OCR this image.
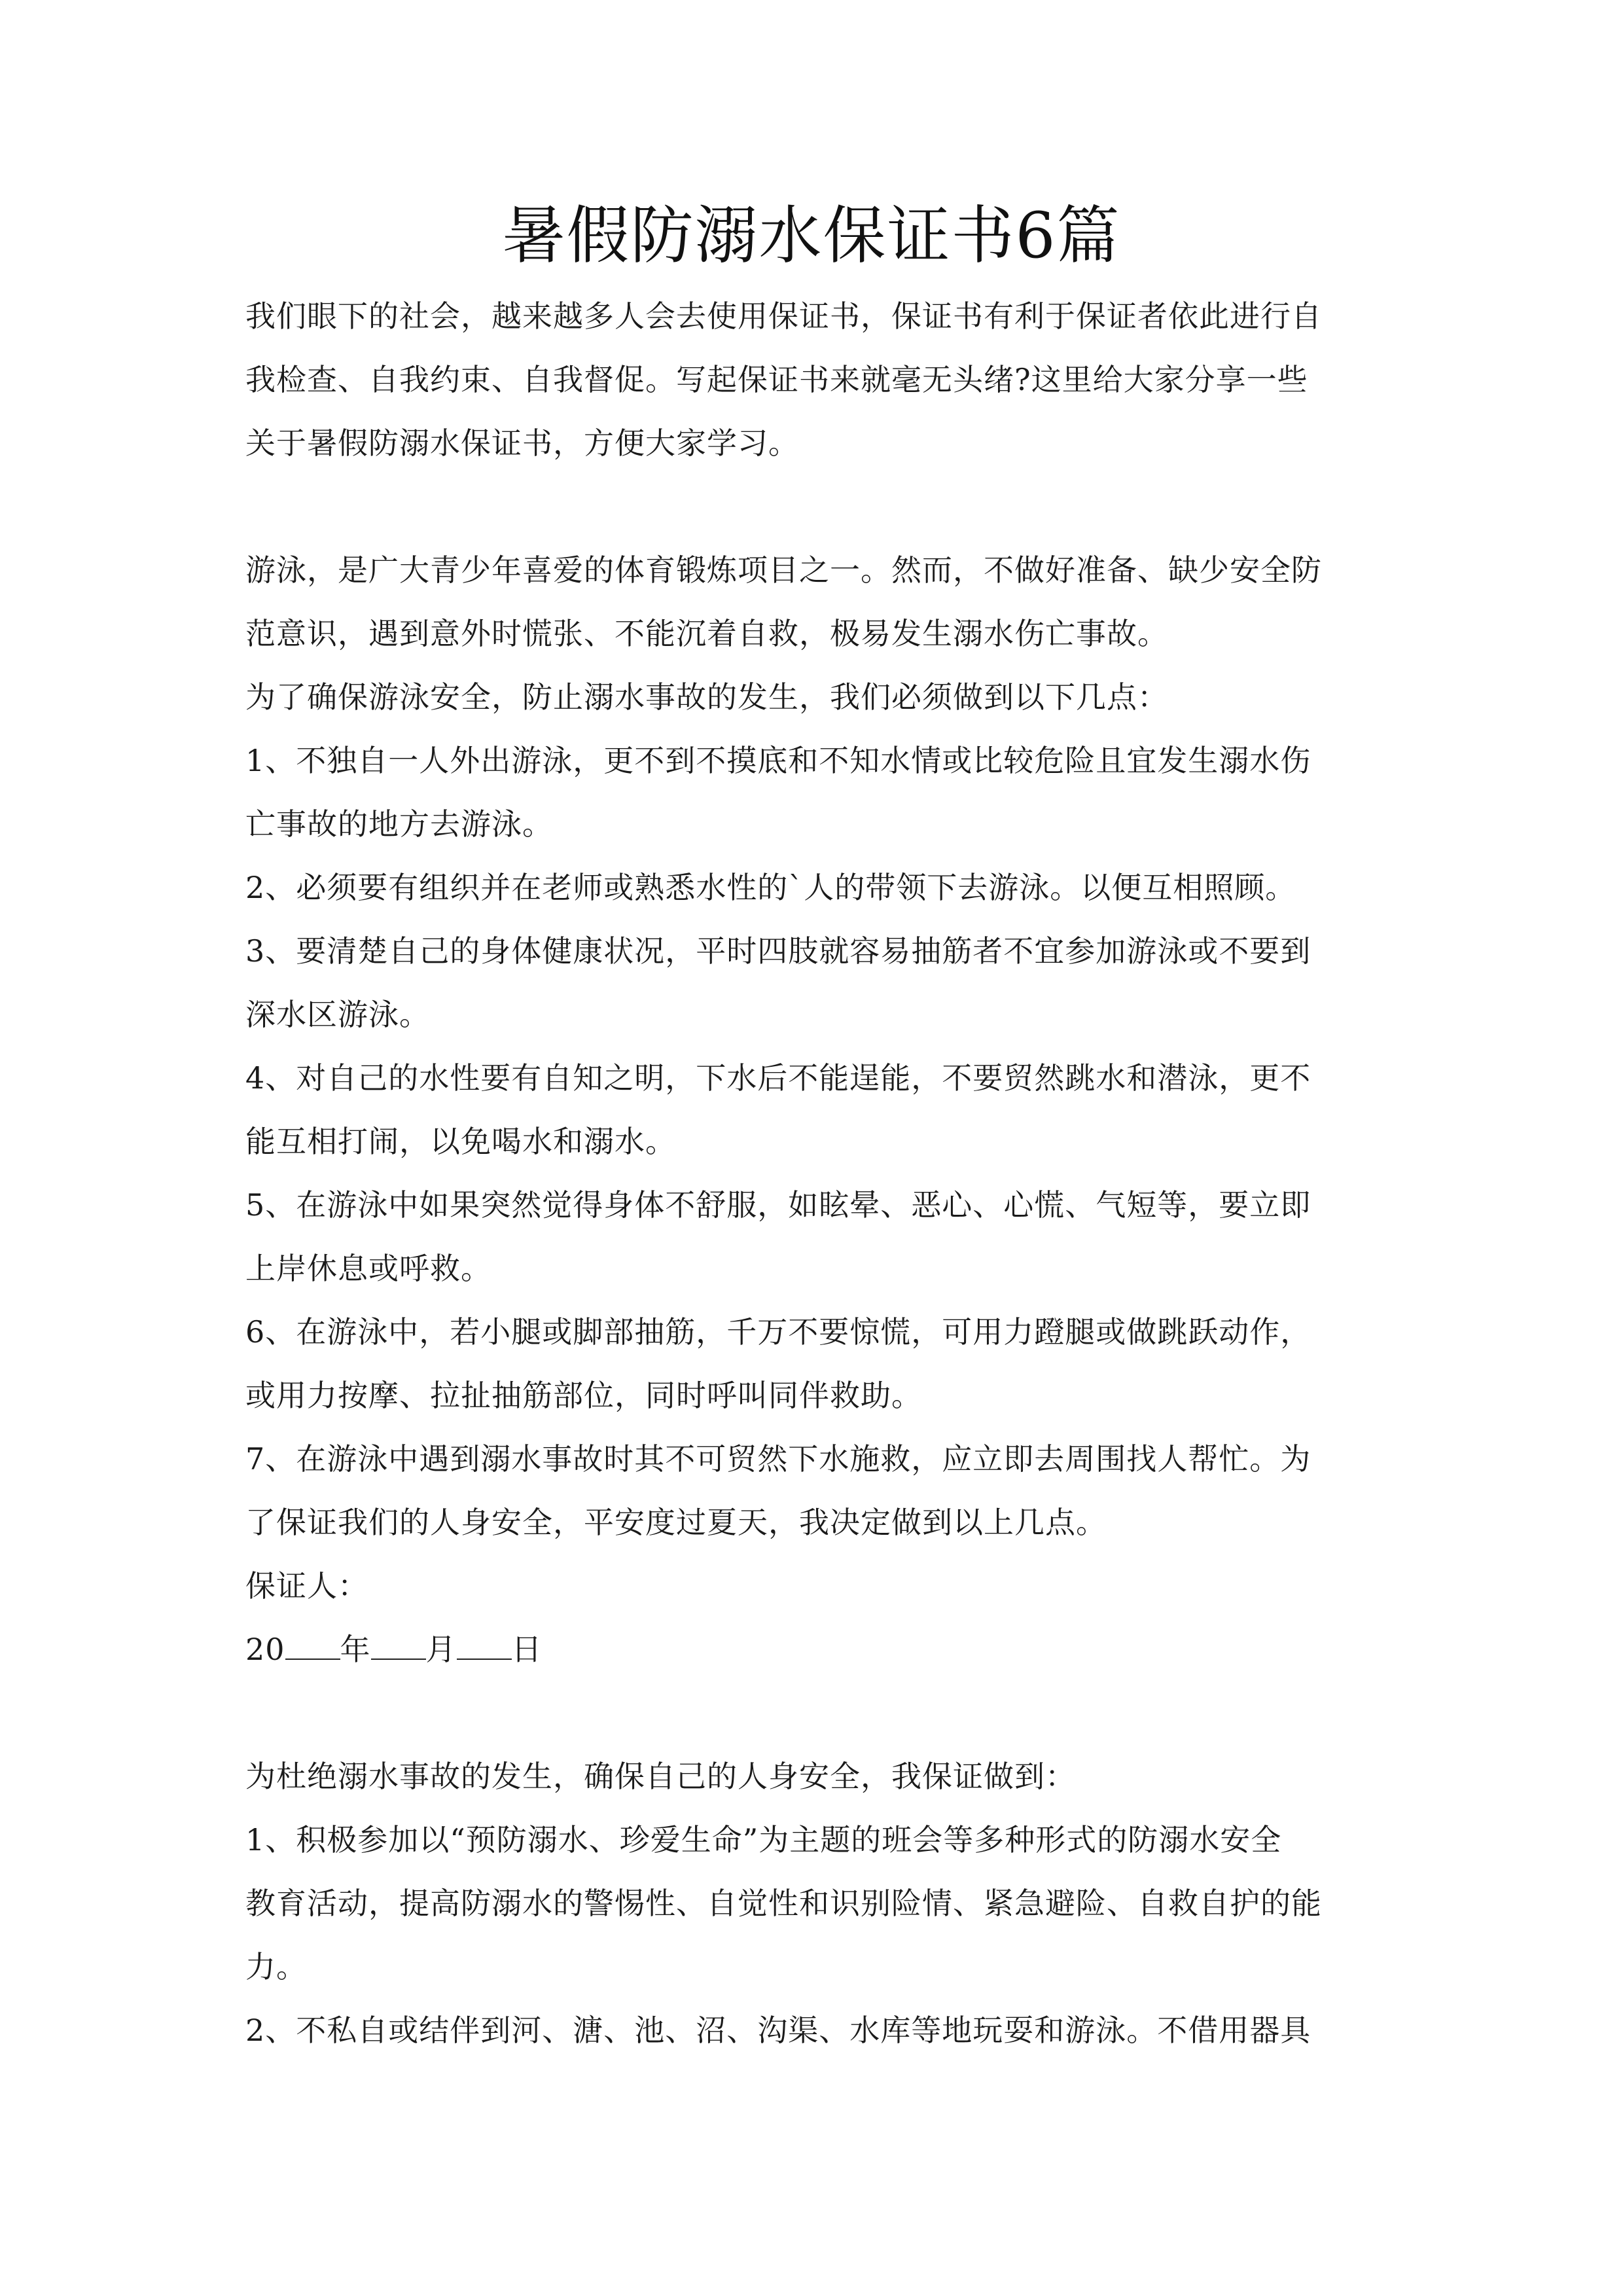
暑假防溺水保证书6篇
我们眼下的社会，越来越多人会去使用保证书，保证书有利于保证者依此进行自
我检查、自我约束、自我督促。写起保证书来就毫无头绪?这里给大家分享一些
关于暑假防溺水保证书，方便大家学习。
游泳，是广大青少年喜爱的体育锻炼项目之一。然而，不做好准备、缺少安全防
范意识，遇到意外时慌张、不能沉着自救，极易发生溺水伤亡事故。
为了确保游泳安全，防止溺水事故的发生，我们必须做到以下几点：
1、不独自一人外出游泳，更不到不摸底和不知水情或比较危险且宜发生溺水伤
亡事故的地方去游泳。
2、必须要有组织并在老师或熟悉水性的`人的带领下去游泳。以便互相照顾。
3、要清楚自己的身体健康状况，平时四肢就容易抽筋者不宜参加游泳或不要到
深水区游泳。
4、对自己的水性要有自知之明，下水后不能逞能，不要贸然跳水和潜泳，更不
能互相打闹，以免喝水和溺水。
5、在游泳中如果突然觉得身体不舒服，如眩晕、恶心、心慌、气短等，要立即
上岸休息或呼救。
6、在游泳中，若小腿或脚部抽筋，千万不要惊慌，可用力蹬腿或做跳跃动作，
或用力按摩、拉扯抽筋部位，同时呼叫同伴救助。
7、在游泳中遇到溺水事故时其不可贸然下水施救，应立即去周围找人帮忙。为
了保证我们的人身安全，平安度过夏天，我决定做到以上几点。
保证人：
20 年 月 日
为杜绝溺水事故的发生，确保自己的人身安全，我保证做到：
1、积极参加以“预防溺水、珍爱生命”为主题的班会等多种形式的防溺水安全
教育活动，提高防溺水的警惕性、自觉性和识别险情、紧急避险、自救自护的能
力。
2、不私自或结伴到河、溏、池、沼、沟渠、水库等地玩耍和游泳。不借用器具
